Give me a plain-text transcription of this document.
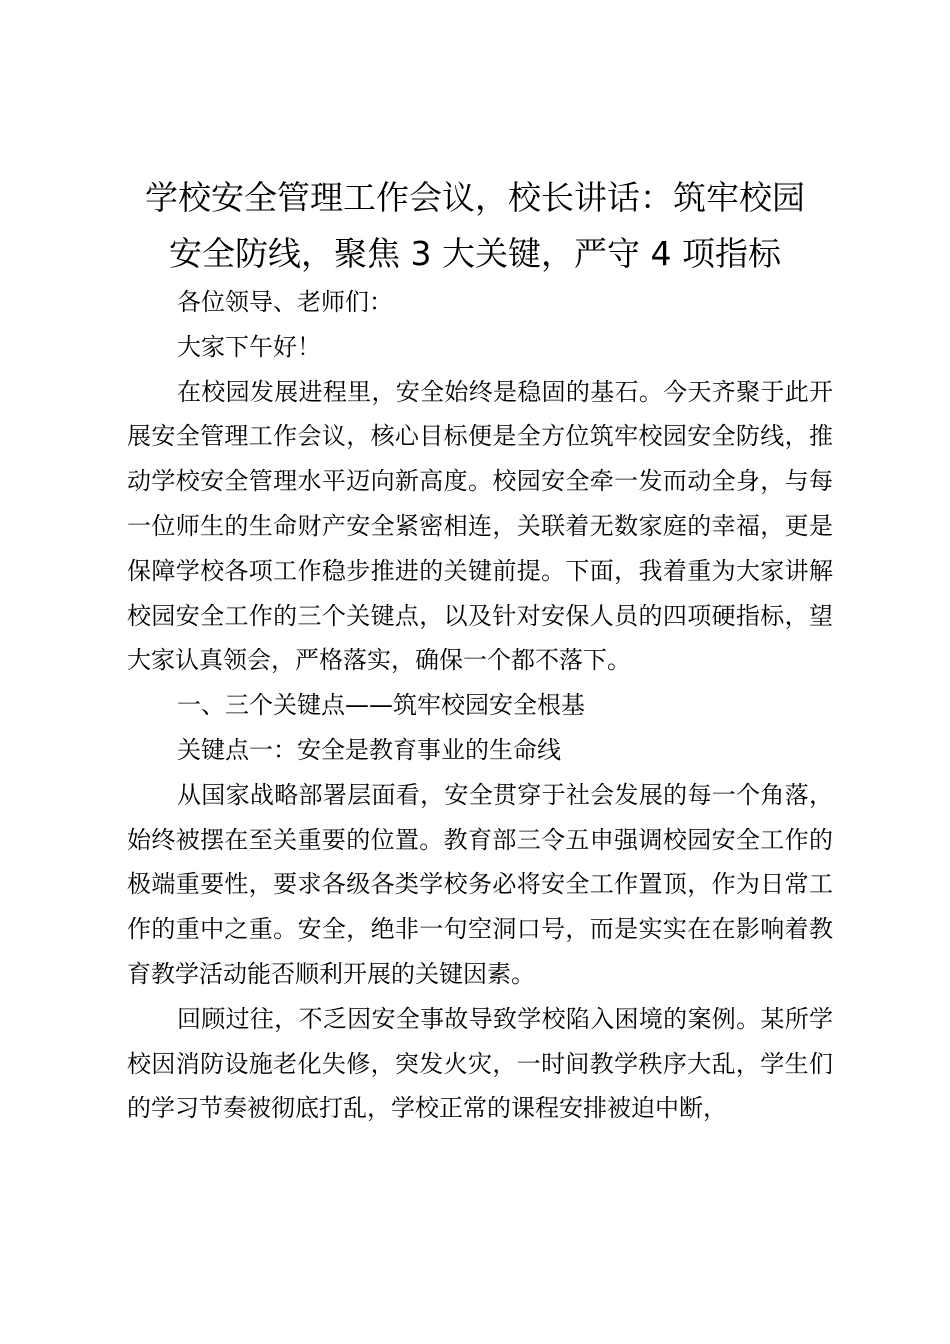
学校安全管理工作会议，校长讲话：筑牢校园
安全防线，聚焦 3 大关键，严守 4 项指标

各位领导、老师们：

大家下午好！

在校园发展进程里，安全始终是稳固的基石。今天齐聚于此开展安全管理工作会议，核心目标便是全方位筑牢校园安全防线，推动学校安全管理水平迈向新高度。校园安全牵一发而动全身，与每一位师生的生命财产安全紧密相连，关联着无数家庭的幸福，更是保障学校各项工作稳步推进的关键前提。下面，我着重为大家讲解校园安全工作的三个关键点，以及针对安保人员的四项硬指标，望大家认真领会，严格落实，确保一个都不落下。

一、三个关键点——筑牢校园安全根基

关键点一：安全是教育事业的生命线

从国家战略部署层面看，安全贯穿于社会发展的每一个角落，始终被摆在至关重要的位置。教育部三令五申强调校园安全工作的极端重要性，要求各级各类学校务必将安全工作置顶，作为日常工作的重中之重。安全，绝非一句空洞口号，而是实实在在影响着教育教学活动能否顺利开展的关键因素。

回顾过往，不乏因安全事故导致学校陷入困境的案例。某所学校因消防设施老化失修，突发火灾，一时间教学秩序大乱，学生们的学习节奏被彻底打乱，学校正常的课程安排被迫中断，
